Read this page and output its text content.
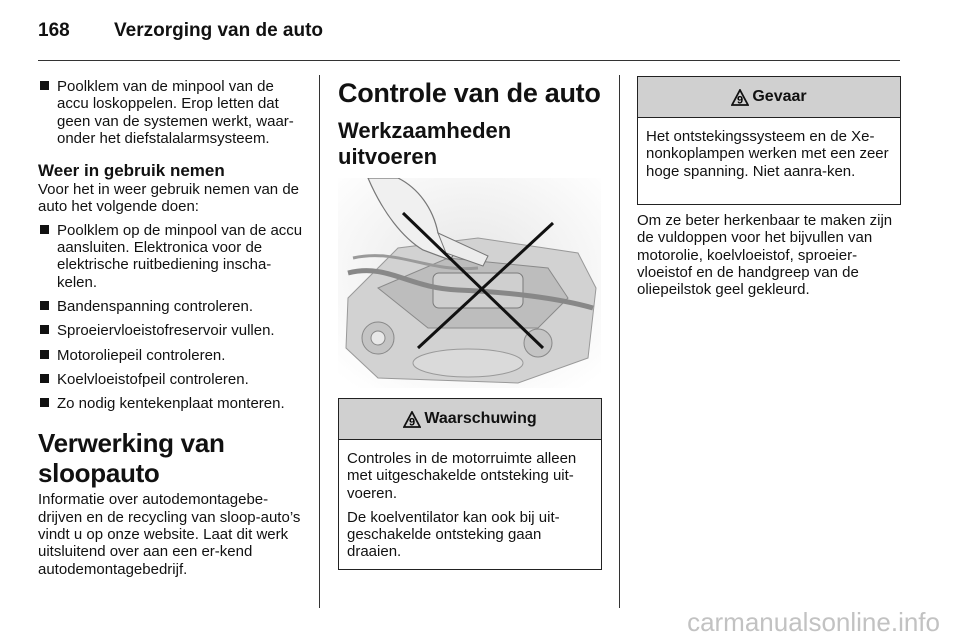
168 Verzorging van de auto
Poolklem van de minpool van de accu loskoppelen. Erop letten dat geen van de systemen werkt, waar-onder het diefstalalarmsysteem.
Weer in gebruik nemen

Voor het in weer gebruik nemen van de auto het volgende doen:

Poolklem op de minpool van de accu aansluiten. Elektronica voor de elektrische ruitbediening inscha-kelen.
Bandenspanning controleren.
Sproeiervloeistofreservoir vullen.
Motoroliepeil controleren.
Koelvloeistofpeil controleren.
Zo nodig kentekenplaat monteren.
Verwerking van sloopauto

Informatie over autodemontagebe-drijven en de recycling van sloop-auto’s vindt u op onze website. Laat dit werk uitsluitend over aan een er-kend autodemontagebedrijf.

Controle van de auto
Werkzaamheden uitvoeren
9 Waarschuwing

Controles in de motorruimte alleen met uitgeschakelde ontsteking uit-voeren.

De koelventilator kan ook bij uit-geschakelde ontsteking gaan draaien.

9 Gevaar

Het ontstekingssysteem en de Xe-nonkoplampen werken met een zeer hoge spanning. Niet aanra-ken.

Om ze beter herkenbaar te maken zijn de vuldoppen voor het bijvullen van motorolie, koelvloeistof, sproeier-vloeistof en de handgreep van de oliepeilstok geel gekleurd.

carmanualsonline.info
